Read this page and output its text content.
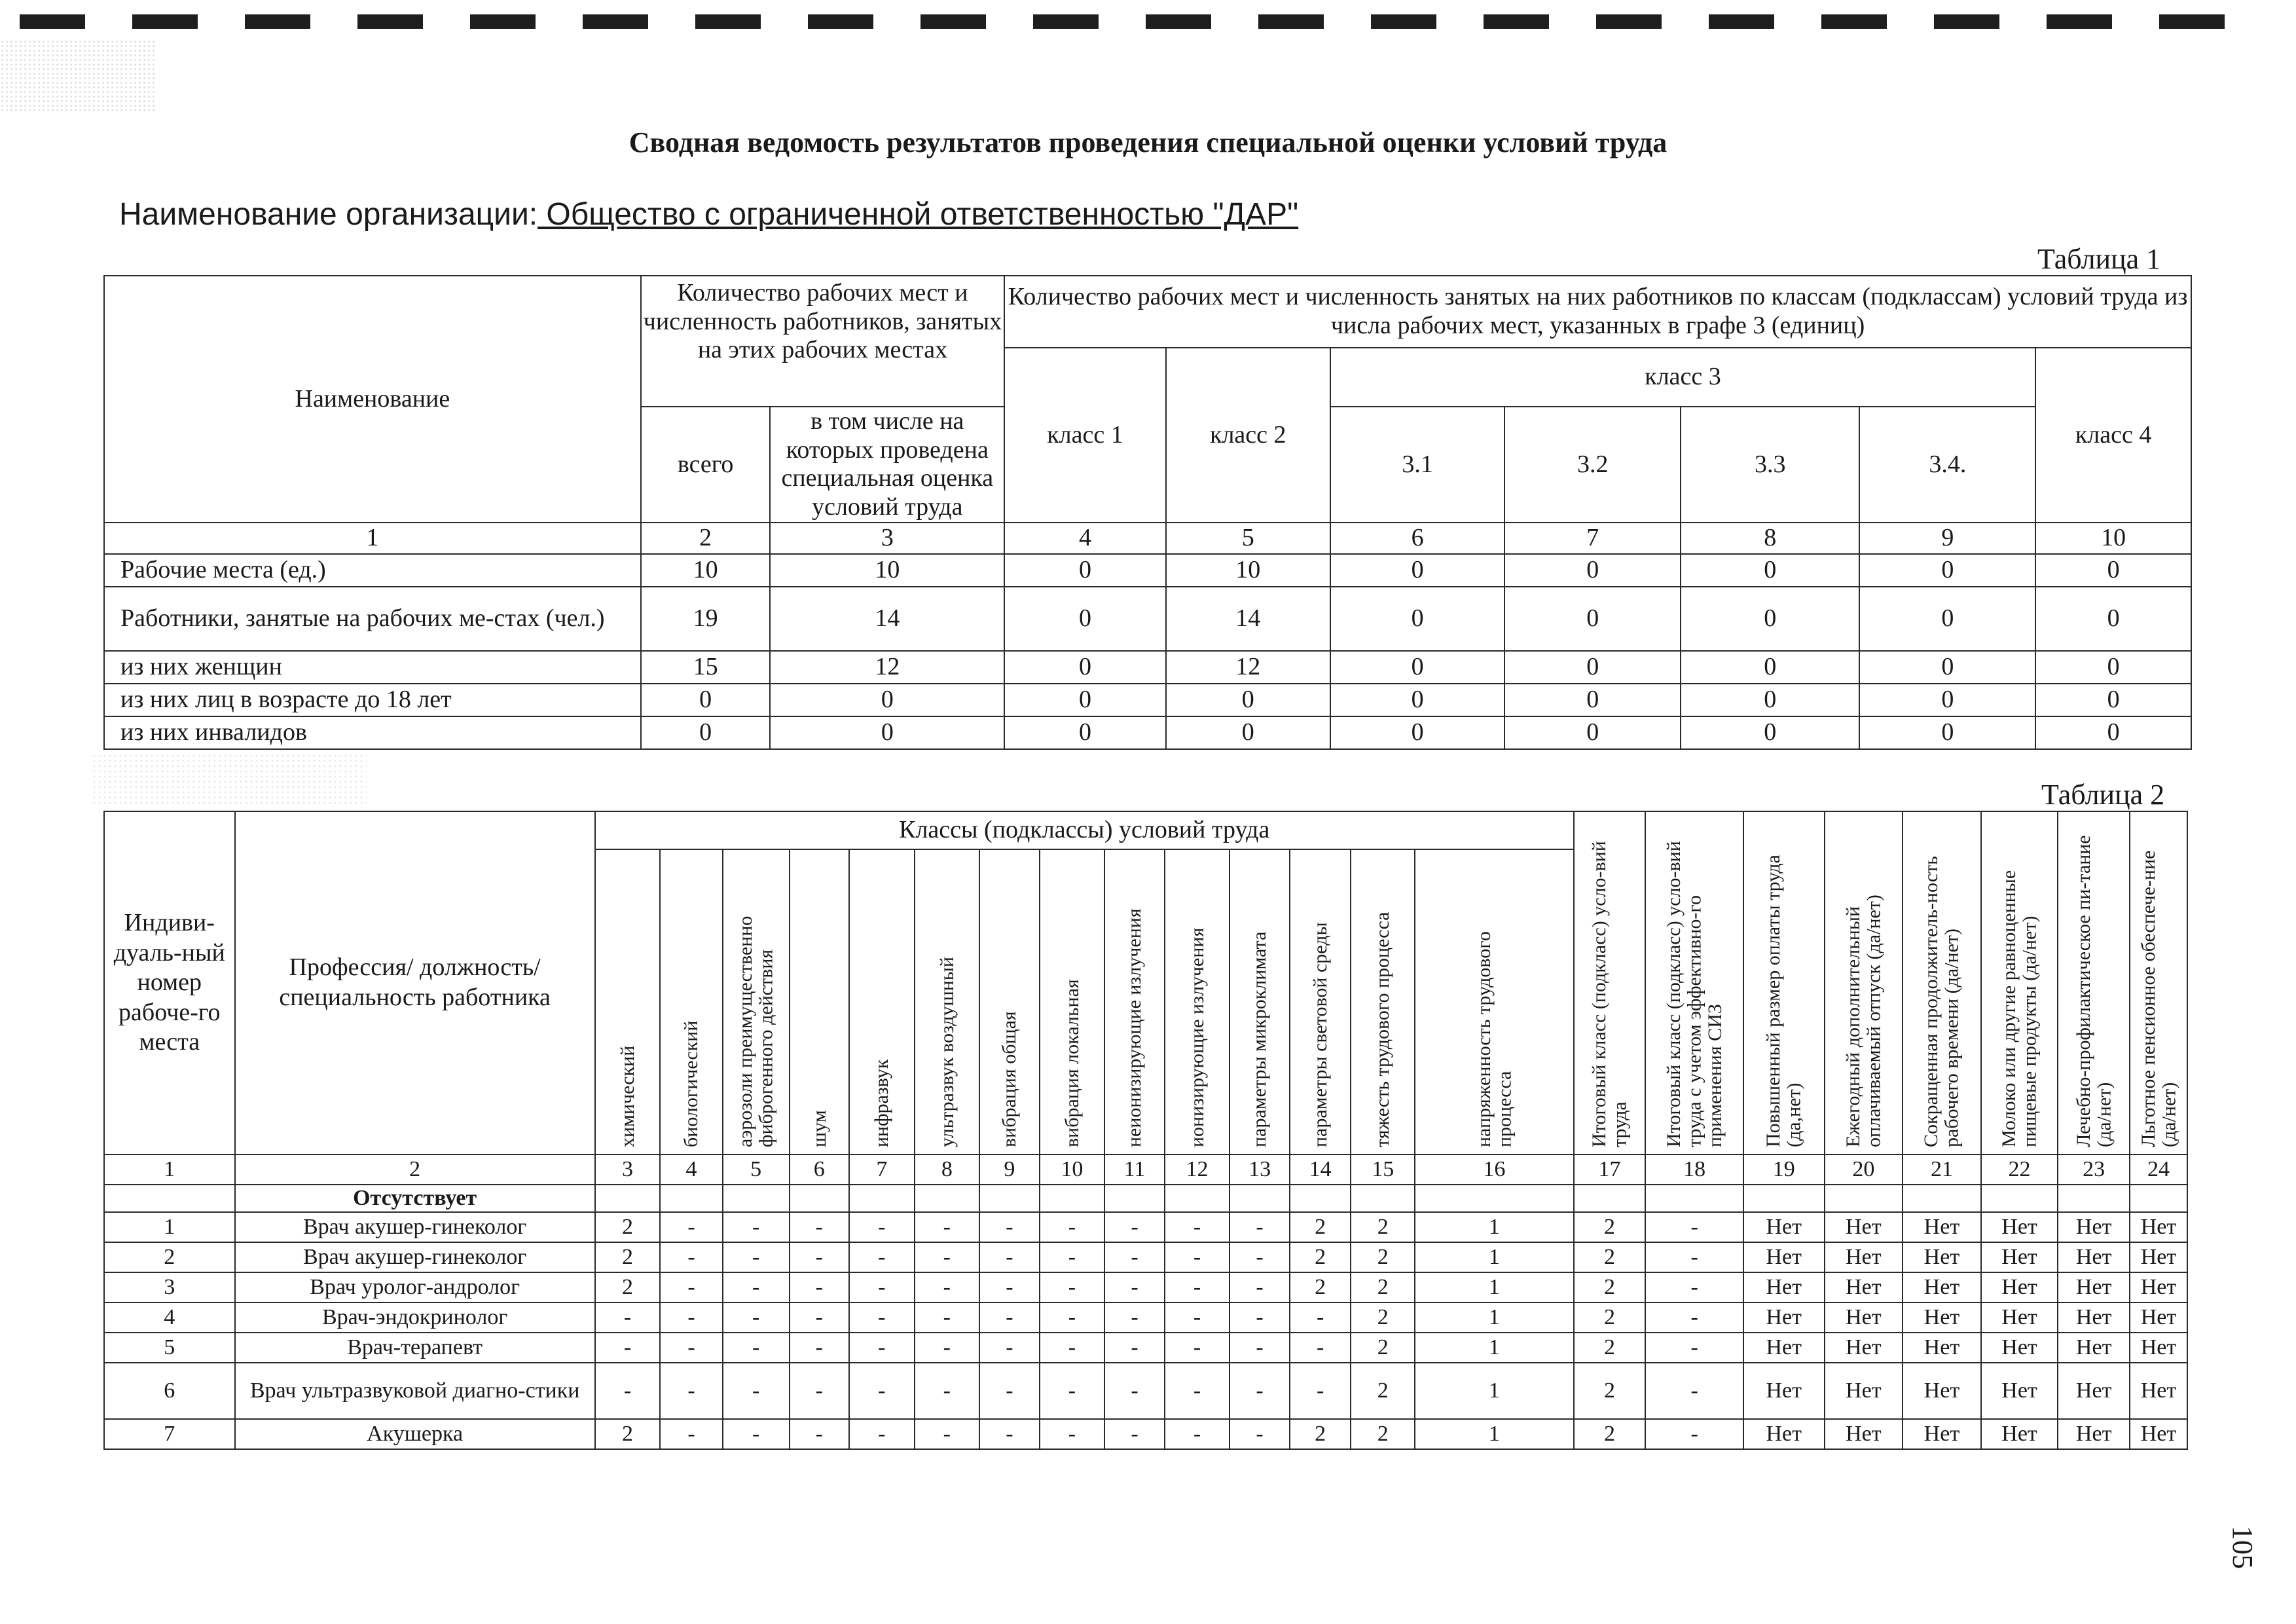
Сводная ведомость результатов проведения специальной оценки условий труда
Наименование организации: Общество с ограниченной ответственностью "ДАР"
Таблица 1
Наименование	Количество рабочих мест и численность работников, занятых на этих рабочих местах		Количество рабочих мест и численность занятых на них работников по классам (подклассам) условий труда из числа рабочих мест, указанных в графе 3 (единиц)						
			класс 1	класс 2	класс 3				класс 4
	всего	в том числе на которых проведена специальная оценка условий труда			3.1	3.2	3.3	3.4.	
1	2	3	4	5	6	7	8	9	10
Рабочие места (ед.)	10	10	0	10	0	0	0	0	0
Работники, занятые на рабочих ме-стах (чел.)	19	14	0	14	0	0	0	0	0
из них женщин	15	12	0	12	0	0	0	0	0
из них лиц в возрасте до 18 лет	0	0	0	0	0	0	0	0	0
из них инвалидов	0	0	0	0	0	0	0	0	0
Таблица 2
Индиви-дуаль-ный номер рабоче-го места	Профессия/ должность/ специальность работника	Классы (подклассы) условий труда														Итоговый класс (подкласс) усло-вий труда	Итоговый класс (подкласс) усло-вий труда с учетом эффективно-го применения СИЗ	Повышенный размер оплаты труда (да,нет)	Ежегодный дополнительный оплачиваемый отпуск (да/нет)	Сокращенная продолжитель-ность рабочего времени (да/нет)	Молоко или другие равноценные пищевые продукты (да/нет)	Лечебно-профилактическое пи-тание (да/нет)	Льготное пенсионное обеспече-ние (да/нет)

		химический	биологический	аэрозоли преимущественно фиброгенного действия	шум	инфразвук	ультразвук воздушный	вибрация общая	вибрация локальная	неионизирующие излучения	ионизирующие излучения	параметры микроклимата	параметры световой среды	тяжесть трудового процесса	напряженность трудового процесса								

1	2	3	4	5	6	7	8	9	10	11	12	13	14	15	16	17	18	19	20	21	22	23	24
	Отсутствует																						
1	Врач акушер-гинеколог	2	-	-	-	-	-	-	-	-	-	-	2	2	1	2	-	Нет	Нет	Нет	Нет	Нет	Нет
2	Врач акушер-гинеколог	2	-	-	-	-	-	-	-	-	-	-	2	2	1	2	-	Нет	Нет	Нет	Нет	Нет	Нет
3	Врач уролог-андролог	2	-	-	-	-	-	-	-	-	-	-	2	2	1	2	-	Нет	Нет	Нет	Нет	Нет	Нет
4	Врач-эндокринолог	-	-	-	-	-	-	-	-	-	-	-	-	2	1	2	-	Нет	Нет	Нет	Нет	Нет	Нет
5	Врач-терапевт	-	-	-	-	-	-	-	-	-	-	-	-	2	1	2	-	Нет	Нет	Нет	Нет	Нет	Нет
6	Врач ультразвуковой диагно-стики	-	-	-	-	-	-	-	-	-	-	-	-	2	1	2	-	Нет	Нет	Нет	Нет	Нет	Нет
7	Акушерка	2	-	-	-	-	-	-	-	-	-	-	2	2	1	2	-	Нет	Нет	Нет	Нет	Нет	Нет
105
